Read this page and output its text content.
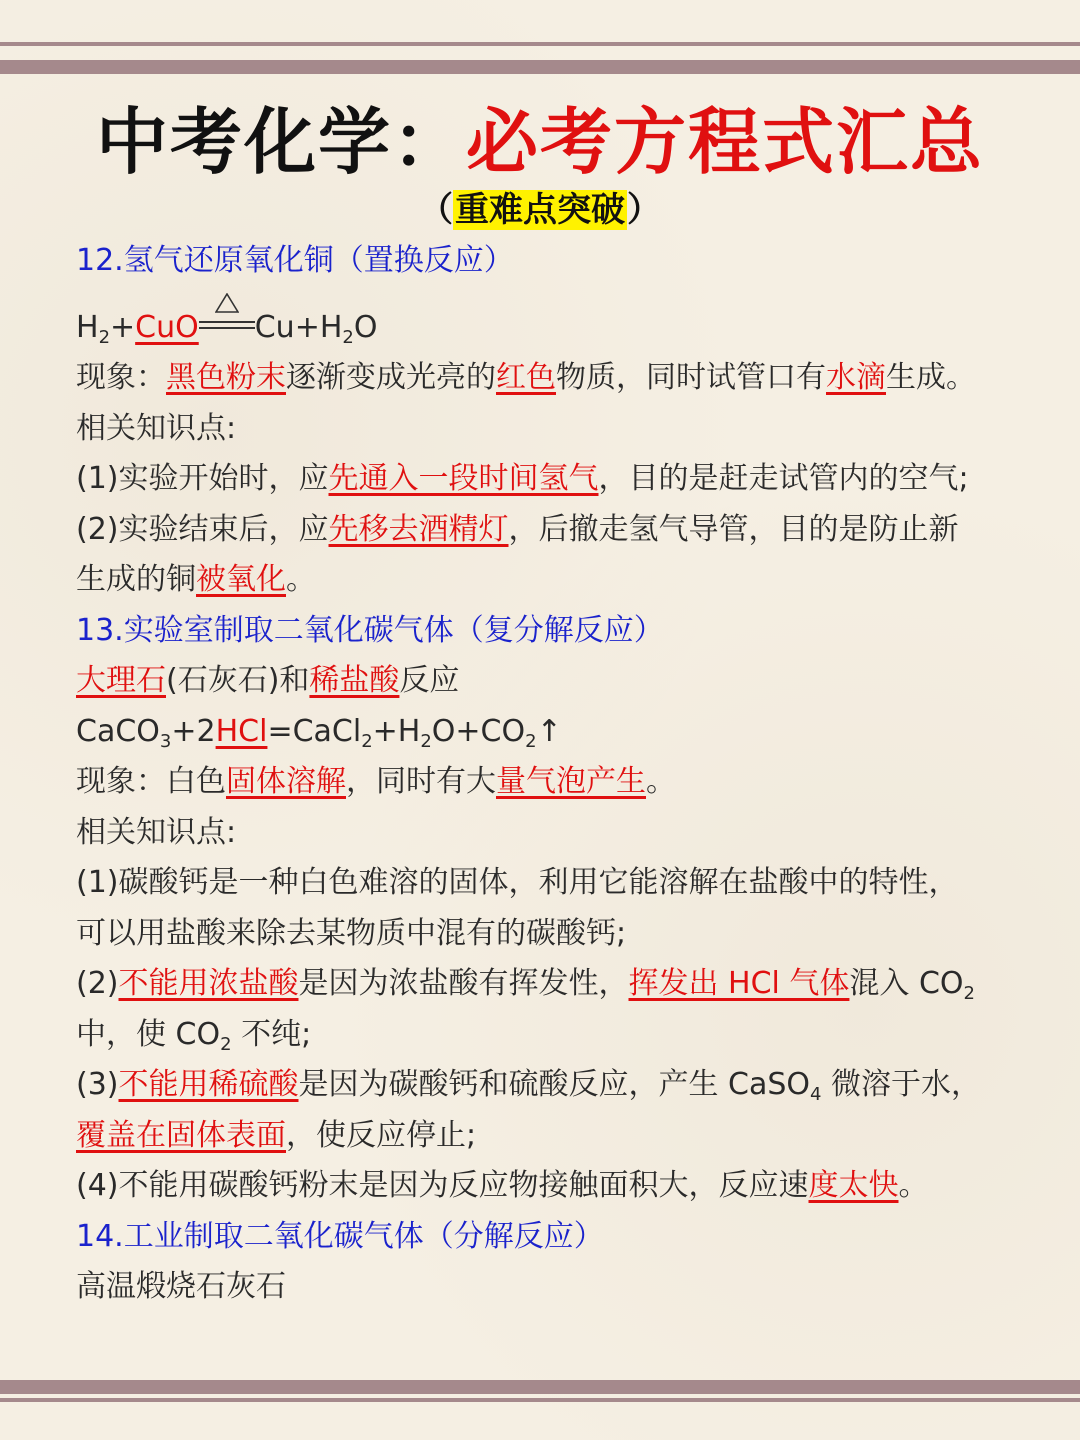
中考化学：必考方程式汇总
（重难点突破）
12.氢气还原氧化铜（置换反应）
$H_2+CuO$ $Cu+H_2O$
现象：黑色粉末逐渐变成光亮的红色物质，同时试管口有水滴生成。
相关知识点:
(1)实验开始时，应先通入一段时间氢气，目的是赶走试管内的空气;
(2)实验结束后，应先移去酒精灯，后撤走氢气导管，目的是防止新
生成的铜被氧化。
13.实验室制取二氧化碳气体（复分解反应）
大理石(石灰石)和稀盐酸反应
$CaCO_3+2HCl=CaCl_2+H_2O+CO_2↑$
现象：白色固体溶解，同时有大量气泡产生。
相关知识点:
(1)碳酸钙是一种白色难溶的固体，利用它能溶解在盐酸中的特性，
可以用盐酸来除去某物质中混有的碳酸钙;
(2)不能用浓盐酸是因为浓盐酸有挥发性，挥发出 HCl 气体混入 $CO_2$
中，使 $CO_2$ 不纯;
(3)不能用稀硫酸是因为碳酸钙和硫酸反应，产生 CaSO$_4$ 微溶于水，
覆盖在固体表面，使反应停止;
(4)不能用碳酸钙粉末是因为反应物接触面积大，反应速度太快。
14.工业制取二氧化碳气体（分解反应）
高温煅烧石灰石
